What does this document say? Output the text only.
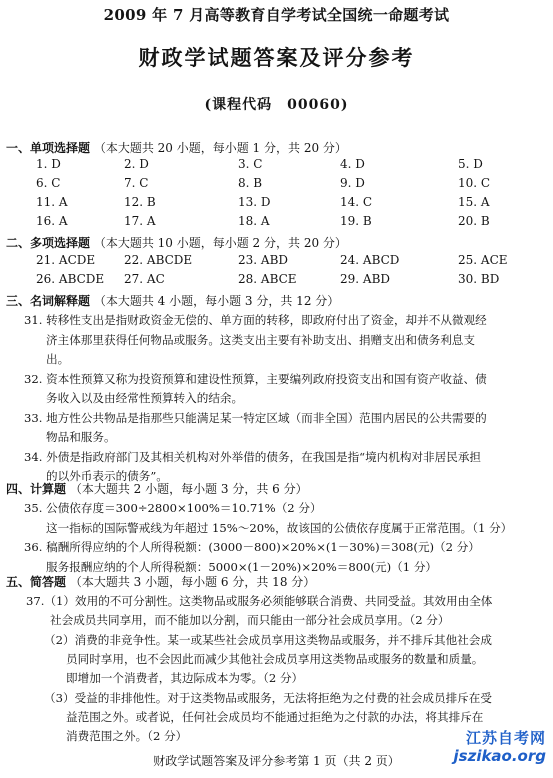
2009 年 7 月高等教育自学考试全国统一命题考试
财政学试题答案及评分参考
(课程代码　00060)
一、单项选择题 （本大题共 20 小题，每小题 1 分，共 20 分）
1. D	2. D	3. C	4. D	5. D
6. C	7. C	8. B	9. D	10. C
11. A	12. B	13. D	14. C	15. A
16. A	17. A	18. A	19. B	20. B
二、多项选择题 （本大题共 10 小题，每小题 2 分，共 20 分）
21. ACDE 22. ABCDE	23. ABD	24. ABCD	25. ACE
26. ABCDE 27. AC	28. ABCE	29. ABD	30. BD
三、名词解释题 （本大题共 4 小题，每小题 3 分，共 12 分）
31. 转移性支出是指财政资金无偿的、单方面的转移，即政府付出了资金，却并不从微观经
济主体那里获得任何物品或服务。这类支出主要有补助支出、捐赠支出和债务利息支
出。
32. 资本性预算又称为投资预算和建设性预算，主要编列政府投资支出和国有资产收益、债
务收入以及由经常性预算转入的结余。
33. 地方性公共物品是指那些只能满足某一特定区域（而非全国）范围内居民的公共需要的
物品和服务。
34. 外债是指政府部门及其相关机构对外举借的债务，在我国是指“境内机构对非居民承担
的以外币表示的债务”。
四、计算题 （本大题共 2 小题，每小题 3 分，共 6 分）
35. 公债依存度＝300÷2800×100%＝10.71%（2 分）
这一指标的国际警戒线为年超过 15%～20%，故该国的公债依存度属于正常范围。（1 分）
36. 稿酬所得应纳的个人所得税额：(3000－800)×20%×(1－30%)＝308(元)（2 分）
服务报酬应纳的个人所得税额：5000×(1－20%)×20%＝800(元)（1 分）
五、简答题 （本大题共 3 小题，每小题 6 分，共 18 分）
37.（1）效用的不可分割性。这类物品或服务必须能够联合消费、共同受益。其效用由全体
社会成员共同享用，而不能加以分割，而只能由一部分社会成员享用。（2 分）
（2）消费的非竞争性。某一或某些社会成员享用这类物品或服务，并不排斥其他社会成
员同时享用，也不会因此而减少其他社会成员享用这类物品或服务的数量和质量。
即增加一个消费者，其边际成本为零。（2 分）
（3）受益的非排他性。对于这类物品或服务，无法将拒绝为之付费的社会成员排斥在受
益范围之外。或者说，任何社会成员均不能通过拒绝为之付款的办法，将其排斥在
消费范围之外。（2 分）
财政学试题答案及评分参考第 1 页（共 2 页）
江苏自考网
jszikao.org
